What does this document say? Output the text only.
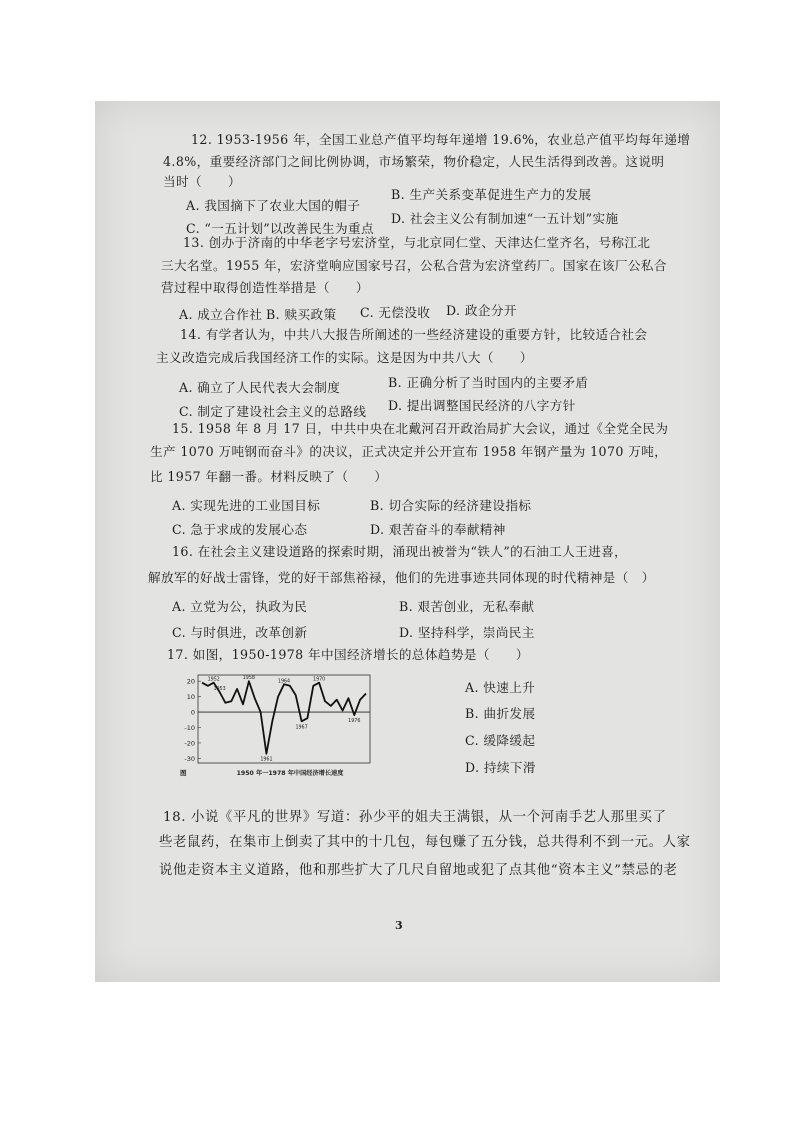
12. 1953-1956 年，全国工业总产值平均每年递增 19.6%，农业总产值平均每年递增
4.8%，重要经济部门之间比例协调，市场繁荣，物价稳定，人民生活得到改善。这说明
当时（　　）
A. 我国摘下了农业大国的帽子
B. 生产关系变革促进生产力的发展
C. “一五计划”以改善民生为重点
D. 社会主义公有制加速“一五计划”实施
13. 创办于济南的中华老字号宏济堂，与北京同仁堂、天津达仁堂齐名，号称江北
三大名堂。1955 年，宏济堂响应国家号召，公私合营为宏济堂药厂。国家在该厂公私合
营过程中取得创造性举措是（　　）
A. 成立合作社 B. 赎买政策 C. 无偿没收 D. 政企分开
14. 有学者认为，中共八大报告所阐述的一些经济建设的重要方针，比较适合社会
主义改造完成后我国经济工作的实际。这是因为中共八大（　　）
A. 确立了人民代表大会制度	B. 正确分析了当时国内的主要矛盾
C. 制定了建设社会主义的总路线 D. 提出调整国民经济的八字方针
15. 1958 年 8 月 17 日，中共中央在北戴河召开政治局扩大会议，通过《全党全民为
生产 1070 万吨钢而奋斗》的决议，正式决定并公开宣布 1958 年钢产量为 1070 万吨，
比 1957 年翻一番。材料反映了（　　）
A. 实现先进的工业国目标	B. 切合实际的经济建设指标
C. 急于求成的发展心态	D. 艰苦奋斗的奉献精神
16. 在社会主义建设道路的探索时期，涌现出被誉为“铁人”的石油工人王进喜，
解放军的好战士雷锋，党的好干部焦裕禄，他们的先进事迹共同体现的时代精神是（　）
A. 立党为公，执政为民	B. 艰苦创业，无私奉献
C. 与时俱进，改革创新	D. 坚持科学，崇尚民主
17. 如图，1950-1978 年中国经济增长的总体趋势是（　　）
A. 快速上升
B. 曲折发展
C. 缓降缓起
D. 持续下滑
20
10
0
-10
-20
-30
1952
1953
1958
1961
1964
1967
1970
1976
图	1950 年一1978 年中国经济增长速度
18. 小说《平凡的世界》写道：孙少平的姐夫王满银，从一个河南手艺人那里买了
些老鼠药，在集市上倒卖了其中的十几包，每包赚了五分钱，总共得利不到一元。人家
说他走资本主义道路，他和那些扩大了几尺自留地或犯了点其他“资本主义”禁忌的老
3
